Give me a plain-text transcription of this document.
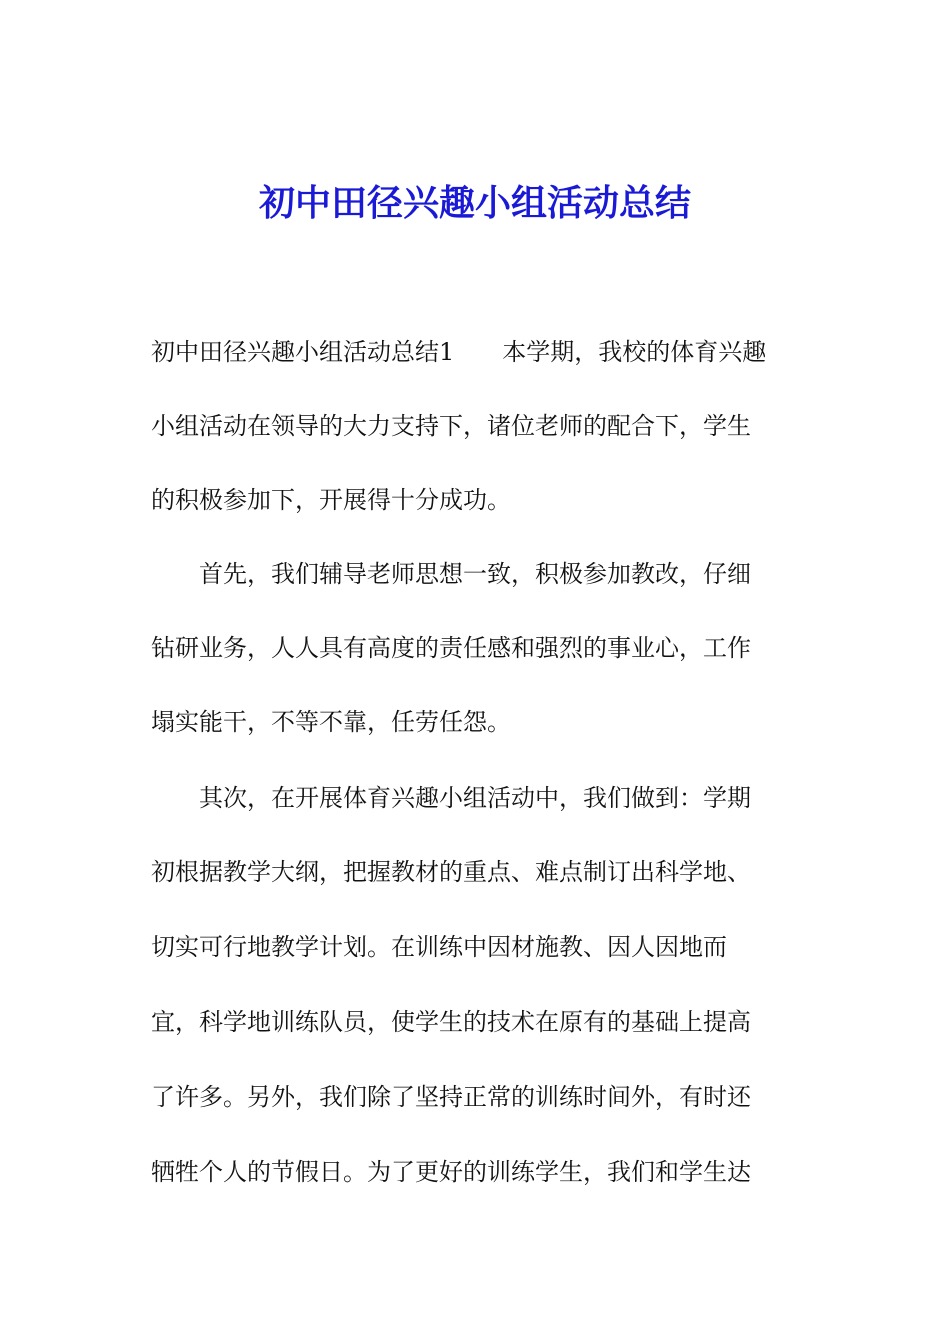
初中田径兴趣小组活动总结
初中田径兴趣小组活动总结1　　本学期，我校的体育兴趣
小组活动在领导的大力支持下，诸位老师的配合下，学生
的积极参加下，开展得十分成功。
　　首先，我们辅导老师思想一致，积极参加教改，仔细
钻研业务，人人具有高度的责任感和强烈的事业心，工作
塌实能干，不等不靠，任劳任怨。
　　其次，在开展体育兴趣小组活动中，我们做到：学期
初根据教学大纲，把握教材的重点、难点制订出科学地、
切实可行地教学计划。在训练中因材施教、因人因地而
宜，科学地训练队员，使学生的技术在原有的基础上提高
了许多。另外，我们除了坚持正常的训练时间外，有时还
牺牲个人的节假日。为了更好的训练学生，我们和学生达
